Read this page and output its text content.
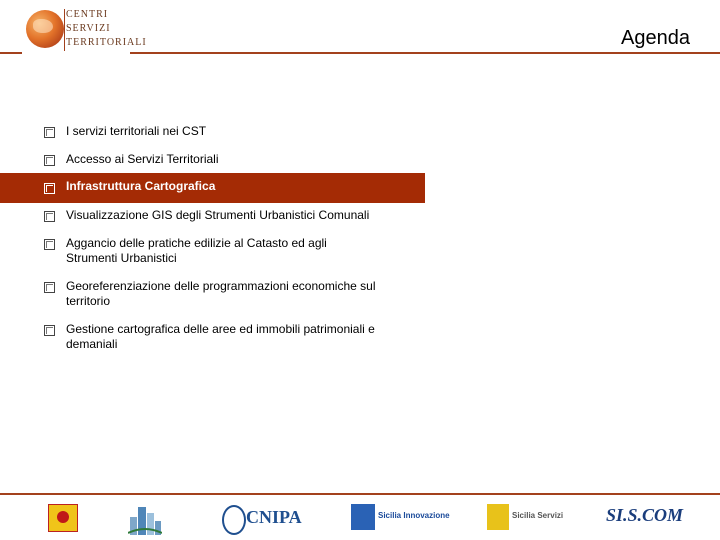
CENTRI
SERVIZI
TERRITORIALI	Agenda
I servizi territoriali nei CST
Accesso ai Servizi Territoriali
Infrastruttura Cartografica
Visualizzazione GIS degli Strumenti Urbanistici Comunali
Aggancio delle pratiche edilizie al Catasto ed agli Strumenti Urbanistici
Georeferenziazione delle programmazioni economiche sul territorio
Gestione cartografica delle aree ed immobili patrimoniali e demaniali
CNIPA	Sicilia Innovazione	Sicilia Servizi SI.S.COM
